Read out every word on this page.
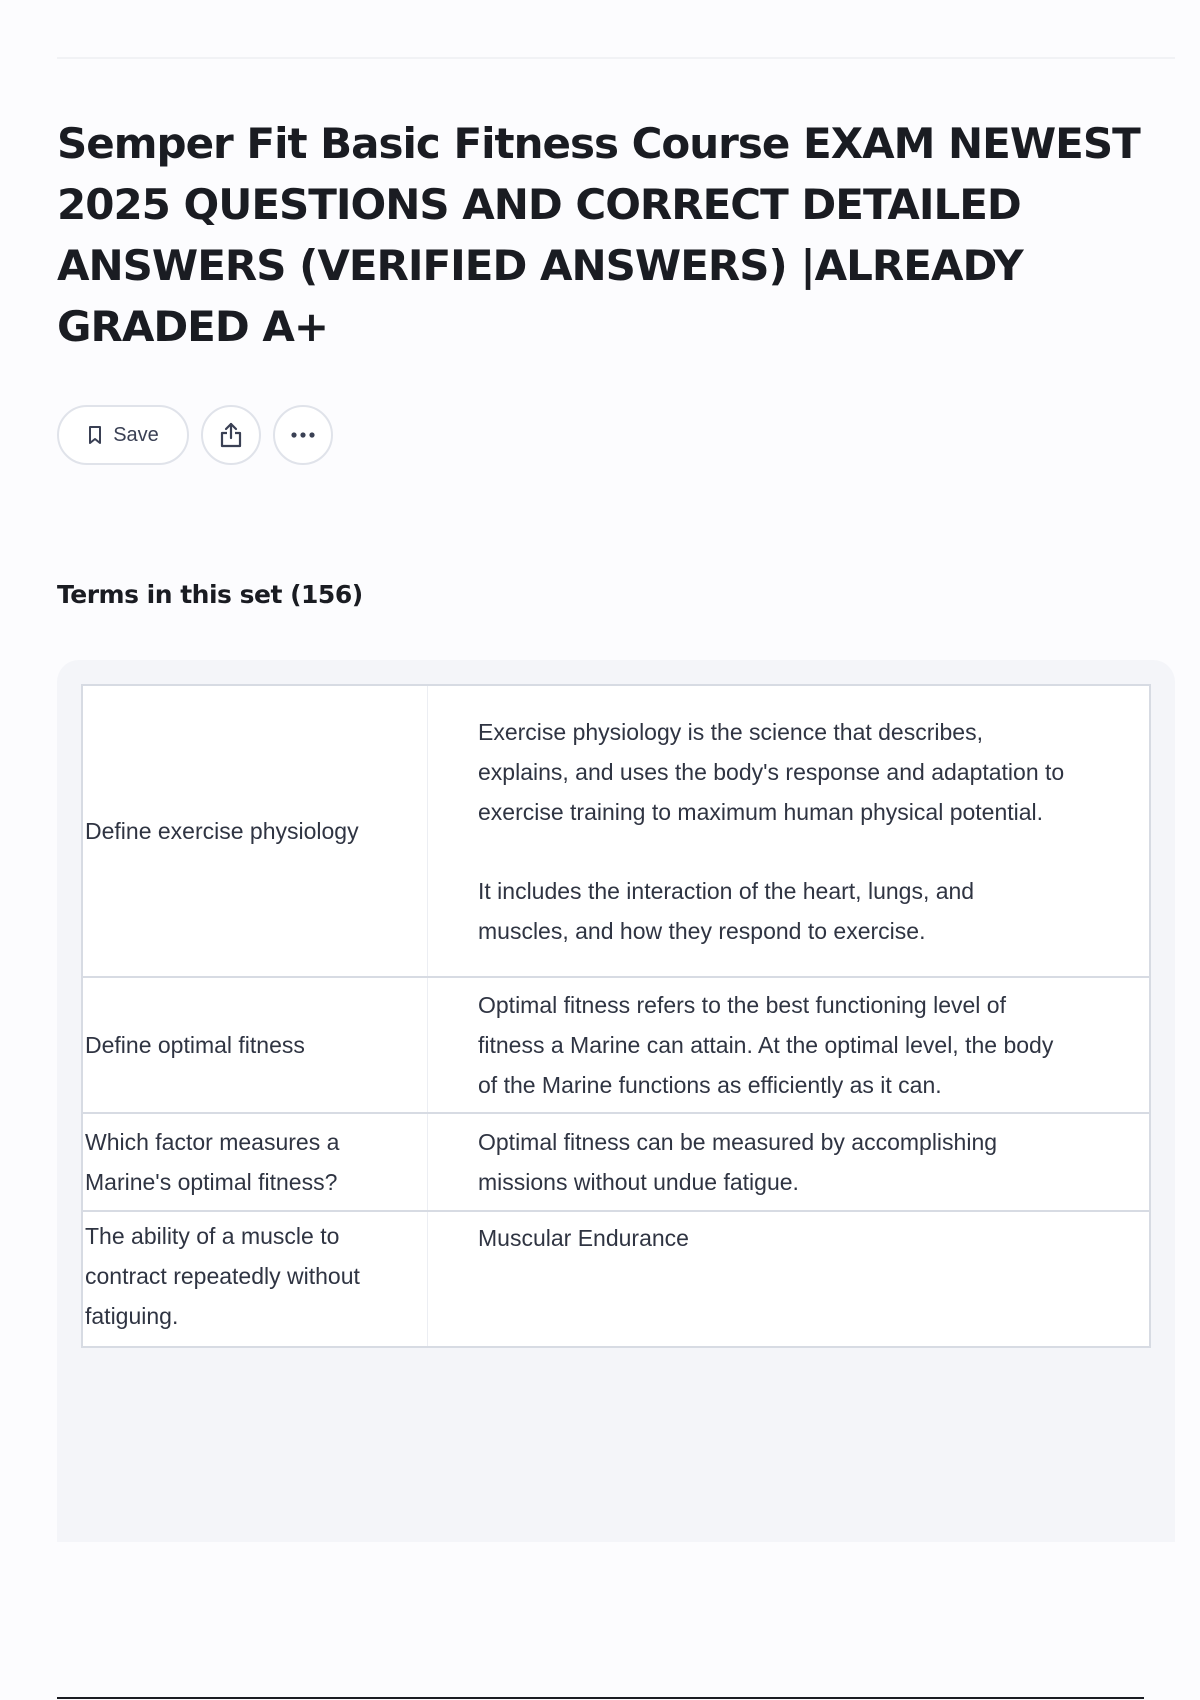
Semper Fit Basic Fitness Course EXAM NEWEST 2025 QUESTIONS AND CORRECT DETAILED ANSWERS (VERIFIED ANSWERS) |ALREADY GRADED A+
Save
Terms in this set (156)
Define exercise physiology	Exercise physiology is the science that describes, explains, and uses the body's response and adaptation to exercise training to maximum human physical potential.

It includes the interaction of the heart, lungs, and muscles, and how they respond to exercise.

Define optimal fitness	Optimal fitness refers to the best functioning level of fitness a Marine can attain. At the optimal level, the body of the Marine functions as efficiently as it can.

Which factor measures a Marine's optimal fitness?	Optimal fitness can be measured by accomplishing missions without undue fatigue.

The ability of a muscle to contract repeatedly without fatiguing.	Muscular Endurance
